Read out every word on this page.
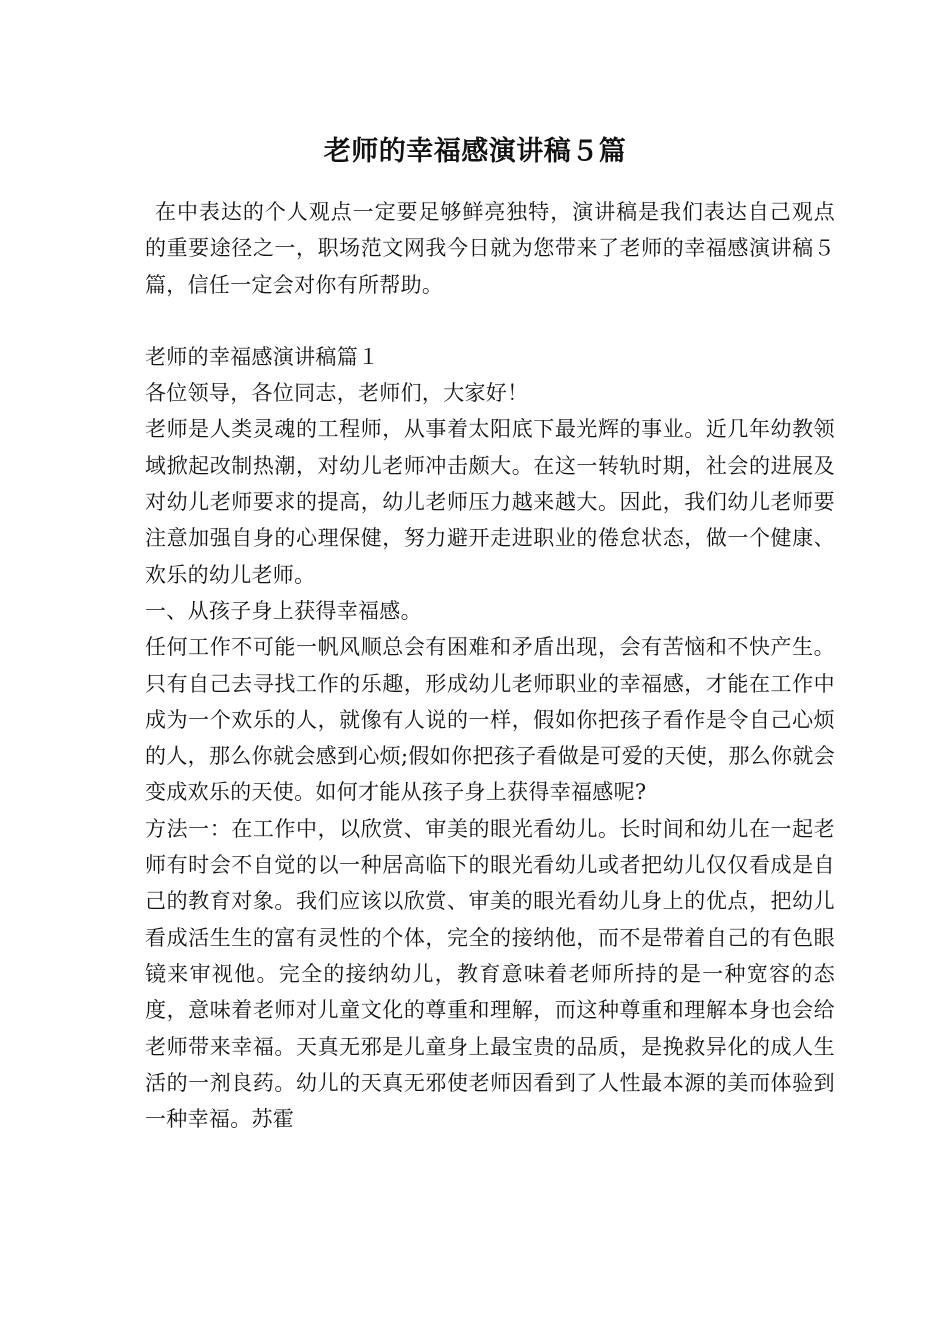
老师的幸福感演讲稿５篇

在中表达的个人观点一定要足够鲜亮独特，演讲稿是我们表达自己观点的重要途径之一，职场范文网我今日就为您带来了老师的幸福感演讲稿５篇，信任一定会对你有所帮助。

老师的幸福感演讲稿篇１

各位领导，各位同志，老师们，大家好！

老师是人类灵魂的工程师，从事着太阳底下最光辉的事业。近几年幼教领域掀起改制热潮，对幼儿老师冲击颇大。在这一转轨时期，社会的进展及对幼儿老师要求的提高，幼儿老师压力越来越大。因此，我们幼儿老师要注意加强自身的心理保健，努力避开走进职业的倦怠状态，做一个健康、欢乐的幼儿老师。

一、从孩子身上获得幸福感。

任何工作不可能一帆风顺总会有困难和矛盾出现，会有苦恼和不快产生。只有自己去寻找工作的乐趣，形成幼儿老师职业的幸福感，才能在工作中成为一个欢乐的人，就像有人说的一样，假如你把孩子看作是令自己心烦的人，那么你就会感到心烦;假如你把孩子看做是可爱的天使，那么你就会变成欢乐的天使。如何才能从孩子身上获得幸福感呢?

方法一：在工作中，以欣赏、审美的眼光看幼儿。长时间和幼儿在一起老师有时会不自觉的以一种居高临下的眼光看幼儿或者把幼儿仅仅看成是自己的教育对象。我们应该以欣赏、审美的眼光看幼儿身上的优点，把幼儿看成活生生的富有灵性的个体，完全的接纳他，而不是带着自己的有色眼镜来审视他。完全的接纳幼儿，教育意味着老师所持的是一种宽容的态度，意味着老师对儿童文化的尊重和理解，而这种尊重和理解本身也会给老师带来幸福。天真无邪是儿童身上最宝贵的品质，是挽救异化的成人生活的一剂良药。幼儿的天真无邪使老师因看到了人性最本源的美而体验到一种幸福。苏霍
